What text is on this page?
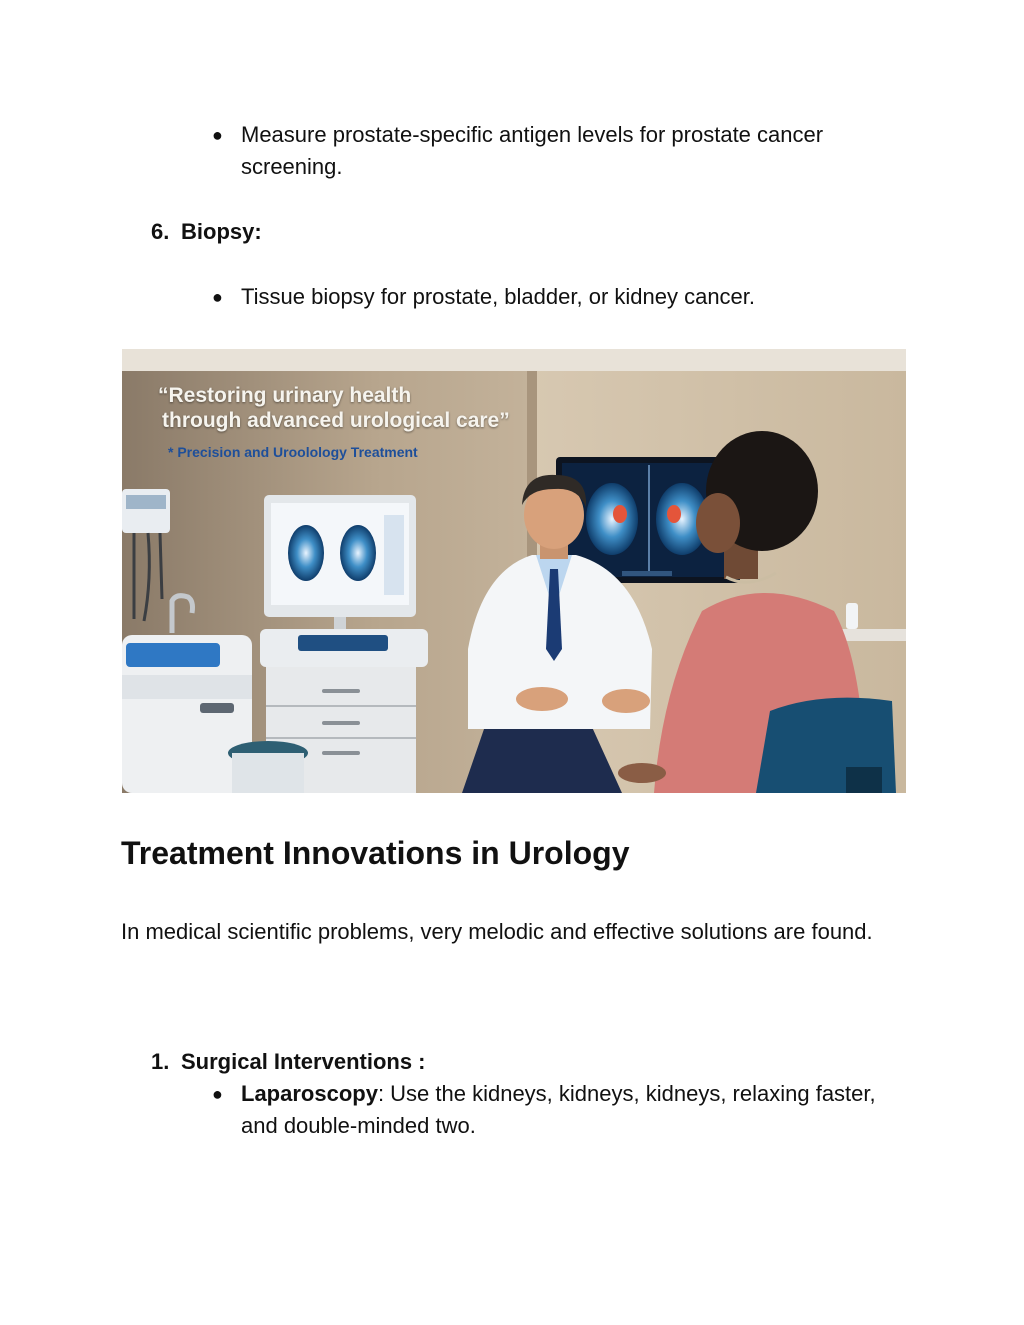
● Measure prostate-specific antigen levels for prostate cancer screening.
6. Biopsy:
● Tissue biopsy for prostate, bladder, or kidney cancer.
“Restoring urinary health
through advanced urological care”
* Precision and Uroolology Treatment
Treatment Innovations in Urology

In medical scientific problems, very melodic and effective solutions are found.

1. Surgical Interventions :
● Laparoscopy: Use the kidneys, kidneys, kidneys, relaxing faster, and double-minded two.
